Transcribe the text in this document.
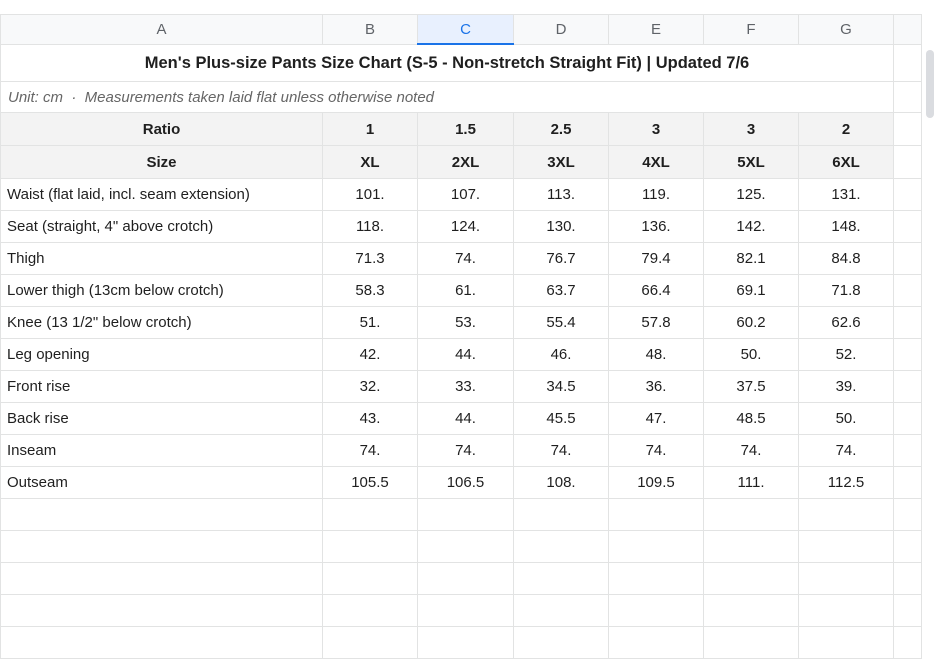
A	B	C	D	E	F	G	
Men's Plus-size Pants Size Chart (S-5 - Non-stretch Straight Fit) | Updated 7/6							
Unit: cm  ·  Measurements taken laid flat unless otherwise noted							
Ratio	1	1.5	2.5	3	3	2	
Size	XL	2XL	3XL	4XL	5XL	6XL	
Waist (flat laid, incl. seam extension)	101.	107.	113.	119.	125.	131.	
Seat (straight, 4" above crotch)	118.	124.	130.	136.	142.	148.	
Thigh	71.3	74.	76.7	79.4	82.1	84.8	
Lower thigh (13cm below crotch)	58.3	61.	63.7	66.4	69.1	71.8	
Knee (13 1/2" below crotch)	51.	53.	55.4	57.8	60.2	62.6	
Leg opening	42.	44.	46.	48.	50.	52.	
Front rise	32.	33.	34.5	36.	37.5	39.	
Back rise	43.	44.	45.5	47.	48.5	50.	
Inseam	74.	74.	74.	74.	74.	74.	
Outseam	105.5	106.5	108.	109.5	111.	112.5	
